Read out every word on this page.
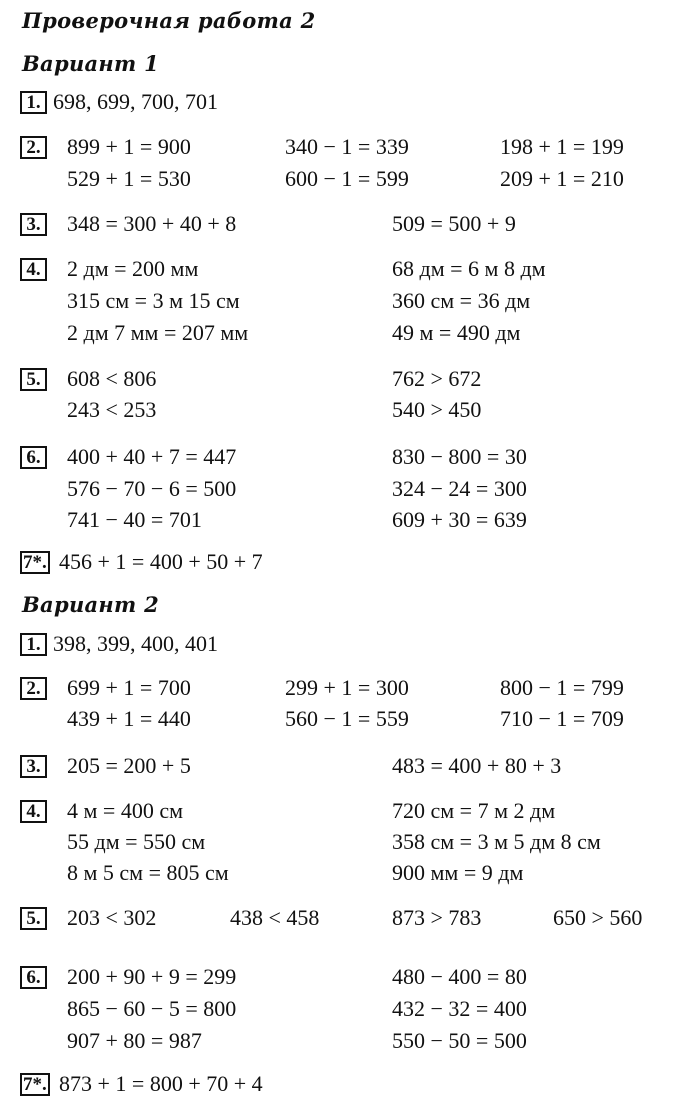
Проверочная работа 2
Вариант 1
1. 698, 699, 700, 701
2. 899 + 1 = 900	340 − 1 = 339	198 + 1 = 199
529 + 1 = 530	600 − 1 = 599	209 + 1 = 210
3. 348 = 300 + 40 + 8	509 = 500 + 9
4. 2 дм = 200 мм	68 дм = 6 м 8 дм
315 см = 3 м 15 см	360 см = 36 дм
2 дм 7 мм = 207 мм	49 м = 490 дм
5. 608 < 806	762 > 672
243 < 253	540 > 450
6. 400 + 40 + 7 = 447	830 − 800 = 30
576 − 70 − 6 = 500	324 − 24 = 300
741 − 40 = 701	609 + 30 = 639
7*. 456 + 1 = 400 + 50 + 7
Вариант 2
1. 398, 399, 400, 401
2. 699 + 1 = 700	299 + 1 = 300	800 − 1 = 799
439 + 1 = 440	560 − 1 = 559	710 − 1 = 709
3. 205 = 200 + 5	483 = 400 + 80 + 3
4. 4 м = 400 см	720 см = 7 м 2 дм
55 дм = 550 см	358 см = 3 м 5 дм 8 см
8 м 5 см = 805 см	900 мм = 9 дм
5. 203 < 302	438 < 458	873 > 783	650 > 560
6. 200 + 90 + 9 = 299	480 − 400 = 80
865 − 60 − 5 = 800	432 − 32 = 400
907 + 80 = 987	550 − 50 = 500
7*. 873 + 1 = 800 + 70 + 4
